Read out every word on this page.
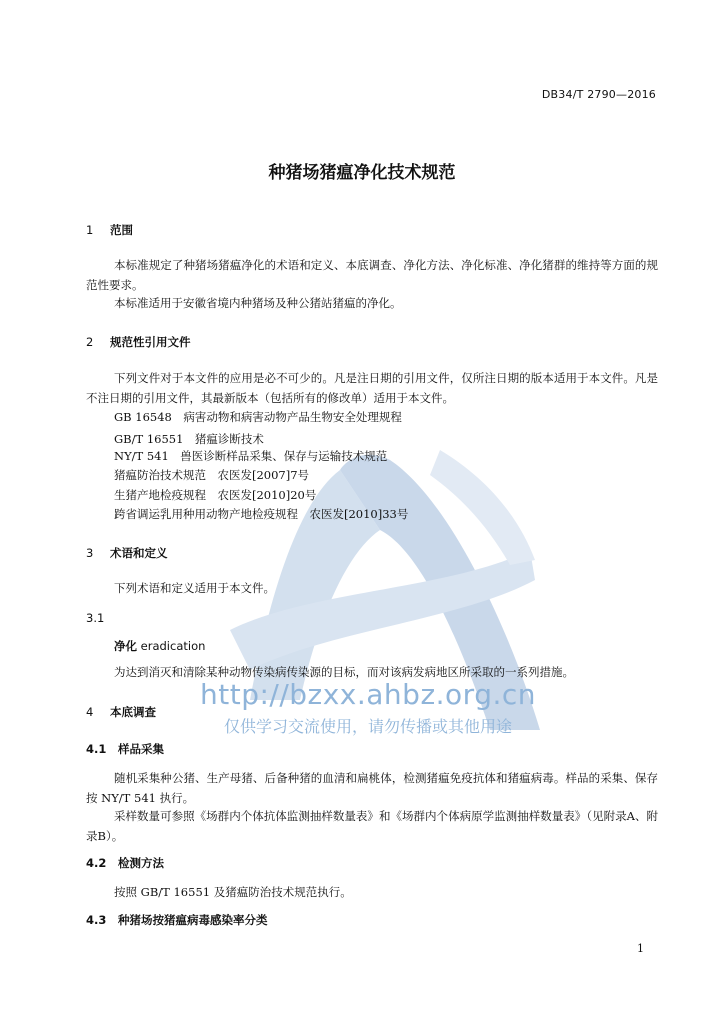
http://bzxx.ahbz.org.cn
仅供学习交流使用，请勿传播或其他用途
DB34/T 2790—2016
种猪场猪瘟净化技术规范
1 范围
本标准规定了种猪场猪瘟净化的术语和定义、本底调查、净化方法、净化标准、净化猪群的维持等方面的规范性要求。
本标准适用于安徽省境内种猪场及种公猪站猪瘟的净化。
2 规范性引用文件
下列文件对于本文件的应用是必不可少的。凡是注日期的引用文件，仅所注日期的版本适用于本文件。凡是不注日期的引用文件，其最新版本（包括所有的修改单）适用于本文件。
GB 16548　病害动物和病害动物产品生物安全处理规程
GB/T 16551　猪瘟诊断技术
NY/T 541　兽医诊断样品采集、保存与运输技术规范
猪瘟防治技术规范　农医发[2007]7号
生猪产地检疫规程　农医发[2010]20号
跨省调运乳用种用动物产地检疫规程　农医发[2010]33号
3 术语和定义
下列术语和定义适用于本文件。
3.1
净化 eradication
为达到消灭和清除某种动物传染病传染源的目标，而对该病发病地区所采取的一系列措施。
4 本底调查
4.1 样品采集
随机采集种公猪、生产母猪、后备种猪的血清和扁桃体，检测猪瘟免疫抗体和猪瘟病毒。样品的采集、保存按 NY/T 541 执行。
采样数量可参照《场群内个体抗体监测抽样数量表》和《场群内个体病原学监测抽样数量表》（见附录A、附录B）。
4.2 检测方法
按照 GB/T 16551 及猪瘟防治技术规范执行。
4.3 种猪场按猪瘟病毒感染率分类
1
